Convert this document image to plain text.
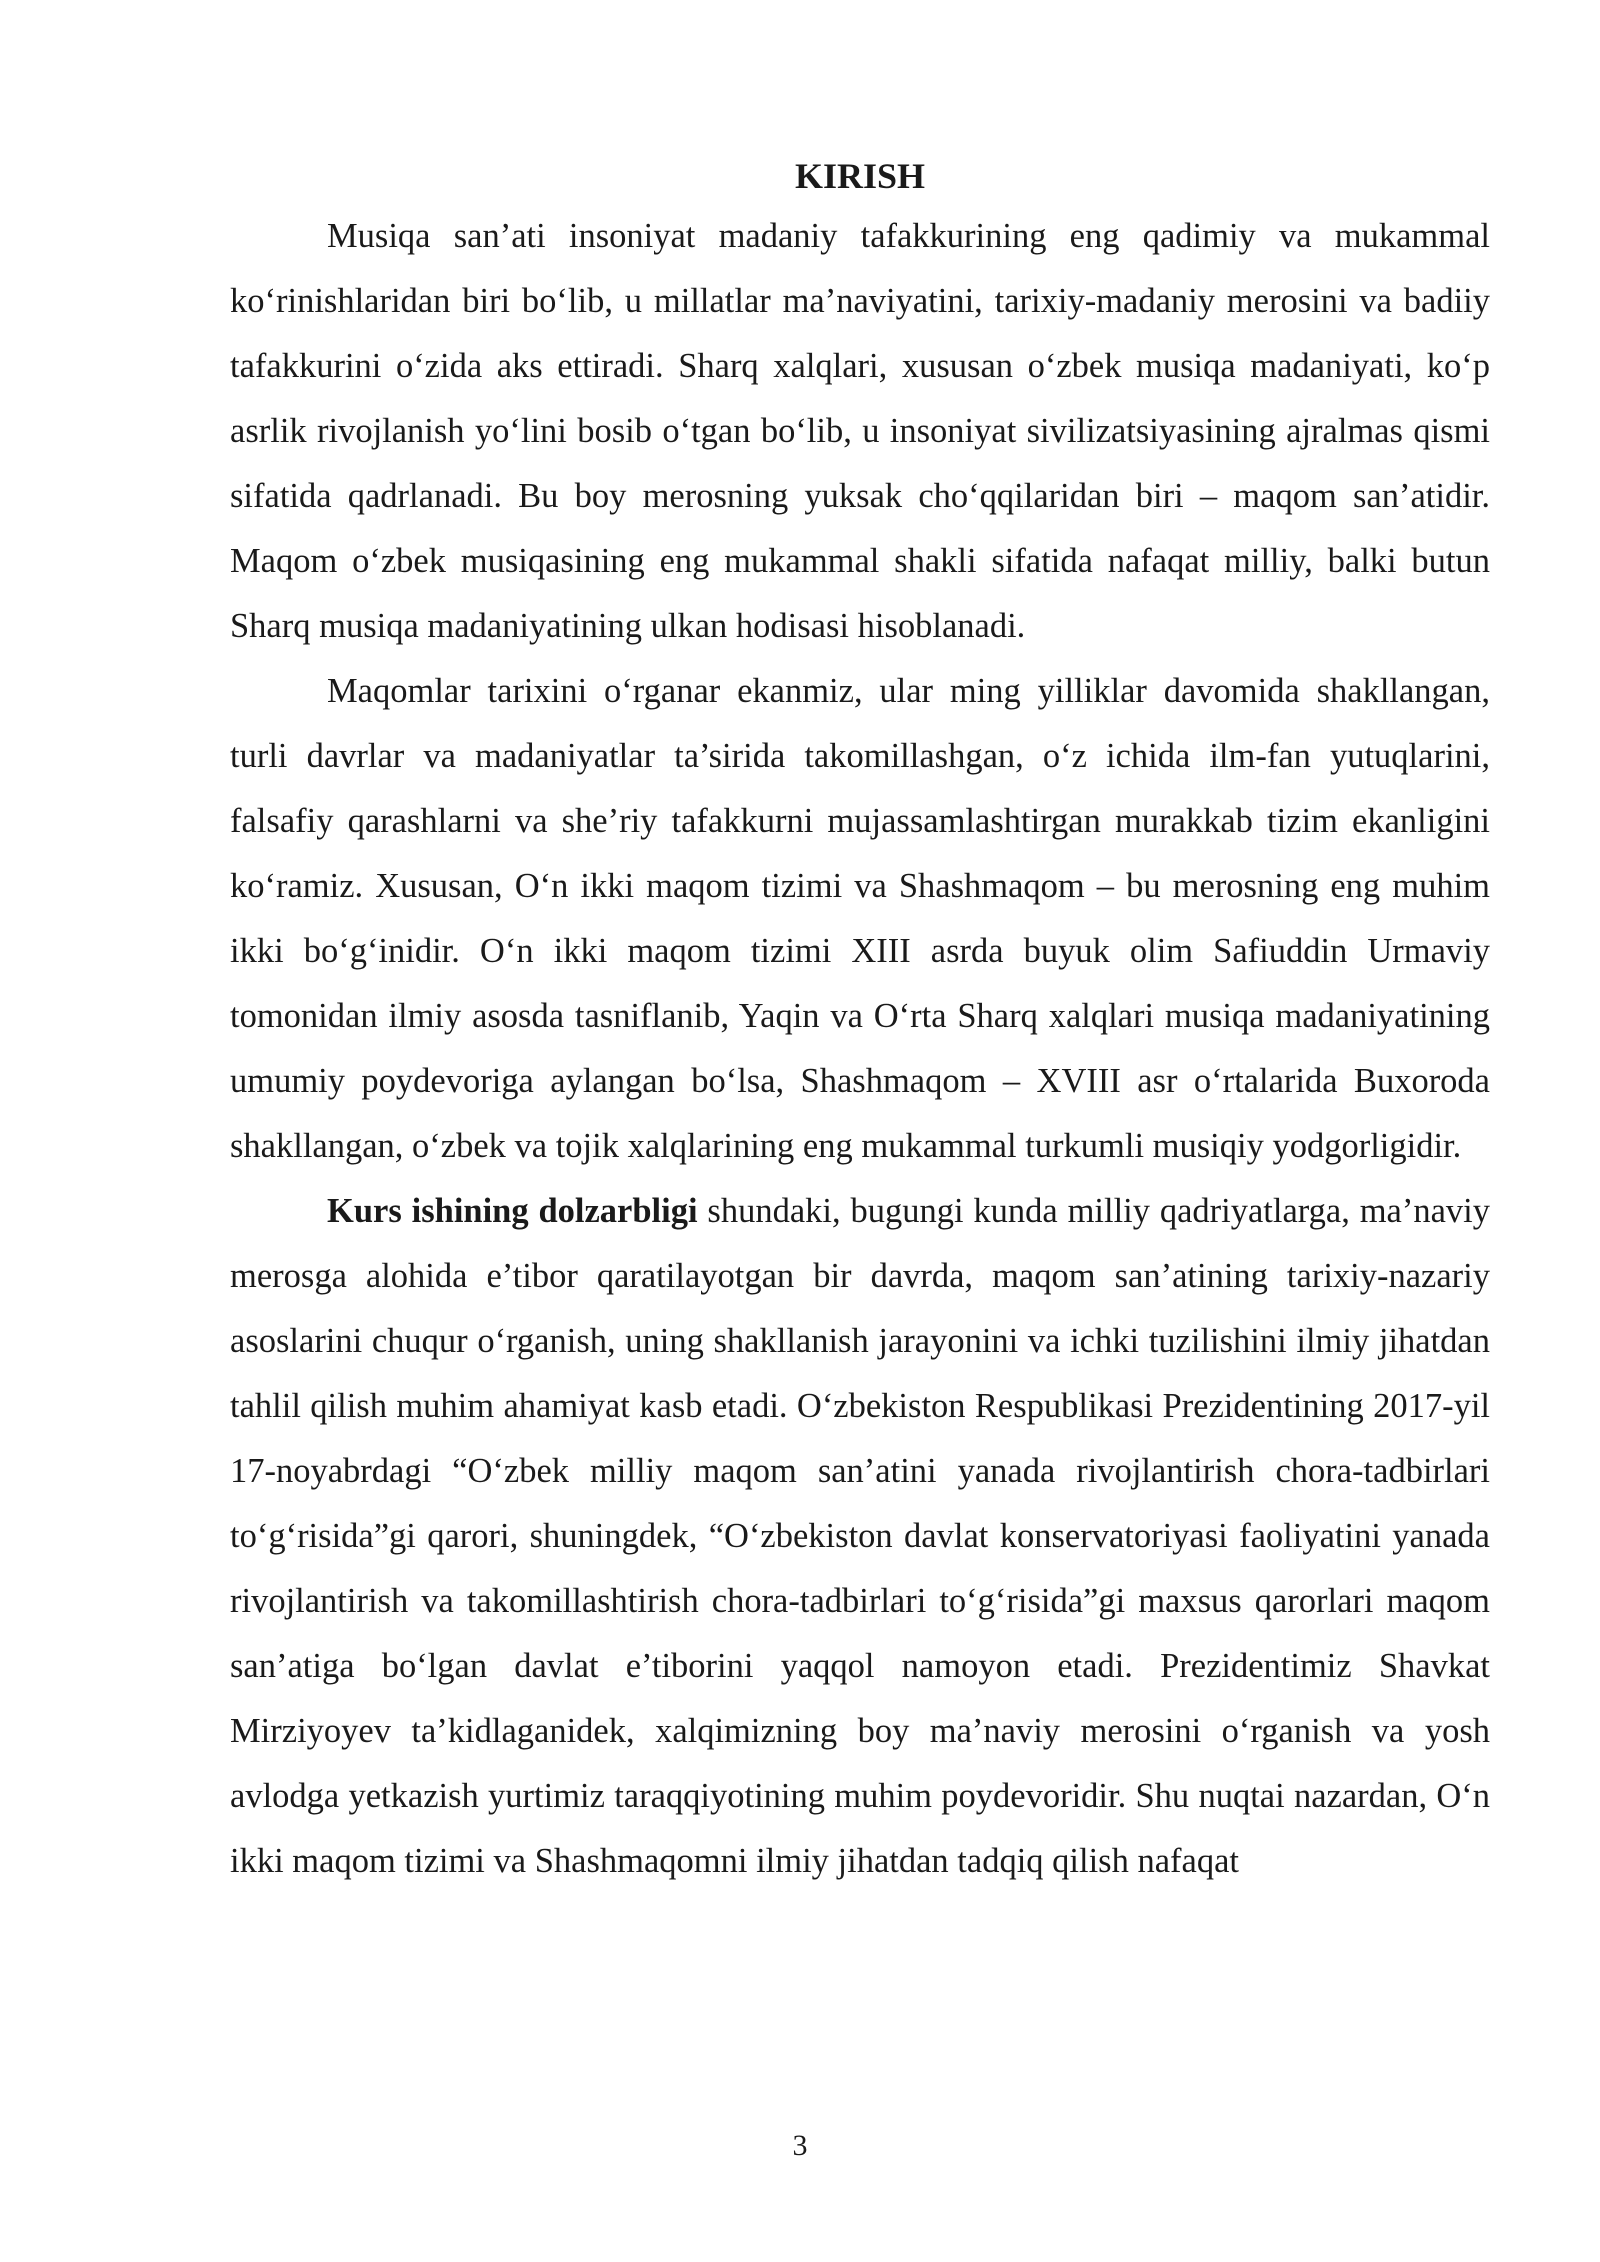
KIRISH

Musiqa san’ati insoniyat madaniy tafakkurining eng qadimiy va mukammal ko‘rinishlaridan biri bo‘lib, u millatlar ma’naviyatini, tarixiy-madaniy merosini va badiiy tafakkurini o‘zida aks ettiradi. Sharq xalqlari, xususan o‘zbek musiqa madaniyati, ko‘p asrlik rivojlanish yo‘lini bosib o‘tgan bo‘lib, u insoniyat sivilizatsiyasining ajralmas qismi sifatida qadrlanadi. Bu boy merosning yuksak cho‘qqilaridan biri – maqom san’atidir. Maqom o‘zbek musiqasining eng mukammal shakli sifatida nafaqat milliy, balki butun Sharq musiqa madaniyatining ulkan hodisasi hisoblanadi.

Maqomlar tarixini o‘rganar ekanmiz, ular ming yilliklar davomida shakllangan, turli davrlar va madaniyatlar ta’sirida takomillashgan, o‘z ichida ilm-fan yutuqlarini, falsafiy qarashlarni va she’riy tafakkurni mujassamlashtirgan murakkab tizim ekanligini ko‘ramiz. Xususan, O‘n ikki maqom tizimi va Shashmaqom – bu merosning eng muhim ikki bo‘g‘inidir. O‘n ikki maqom tizimi XIII asrda buyuk olim Safiuddin Urmaviy tomonidan ilmiy asosda tasniflanib, Yaqin va O‘rta Sharq xalqlari musiqa madaniyatining umumiy poydevoriga aylangan bo‘lsa, Shashmaqom – XVIII asr o‘rtalarida Buxoroda shakllangan, o‘zbek va tojik xalqlarining eng mukammal turkumli musiqiy yodgorligidir.

Kurs ishining dolzarbligi shundaki, bugungi kunda milliy qadriyatlarga, ma’naviy merosga alohida e’tibor qaratilayotgan bir davrda, maqom san’atining tarixiy-nazariy asoslarini chuqur o‘rganish, uning shakllanish jarayonini va ichki tuzilishini ilmiy jihatdan tahlil qilish muhim ahamiyat kasb etadi. O‘zbekiston Respublikasi Prezidentining 2017-yil 17-noyabrdagi “O‘zbek milliy maqom san’atini yanada rivojlantirish chora-tadbirlari to‘g‘risida”gi qarori, shuningdek, “O‘zbekiston davlat konservatoriyasi faoliyatini yanada rivojlantirish va takomillashtirish chora-tadbirlari to‘g‘risida”gi maxsus qarorlari maqom san’atiga bo‘lgan davlat e’tiborini yaqqol namoyon etadi. Prezidentimiz Shavkat Mirziyoyev ta’kidlaganidek, xalqimizning boy ma’naviy merosini o‘rganish va yosh avlodga yetkazish yurtimiz taraqqiyotining muhim poydevoridir. Shu nuqtai nazardan, O‘n ikki maqom tizimi va Shashmaqomni ilmiy jihatdan tadqiq qilish nafaqat

3
